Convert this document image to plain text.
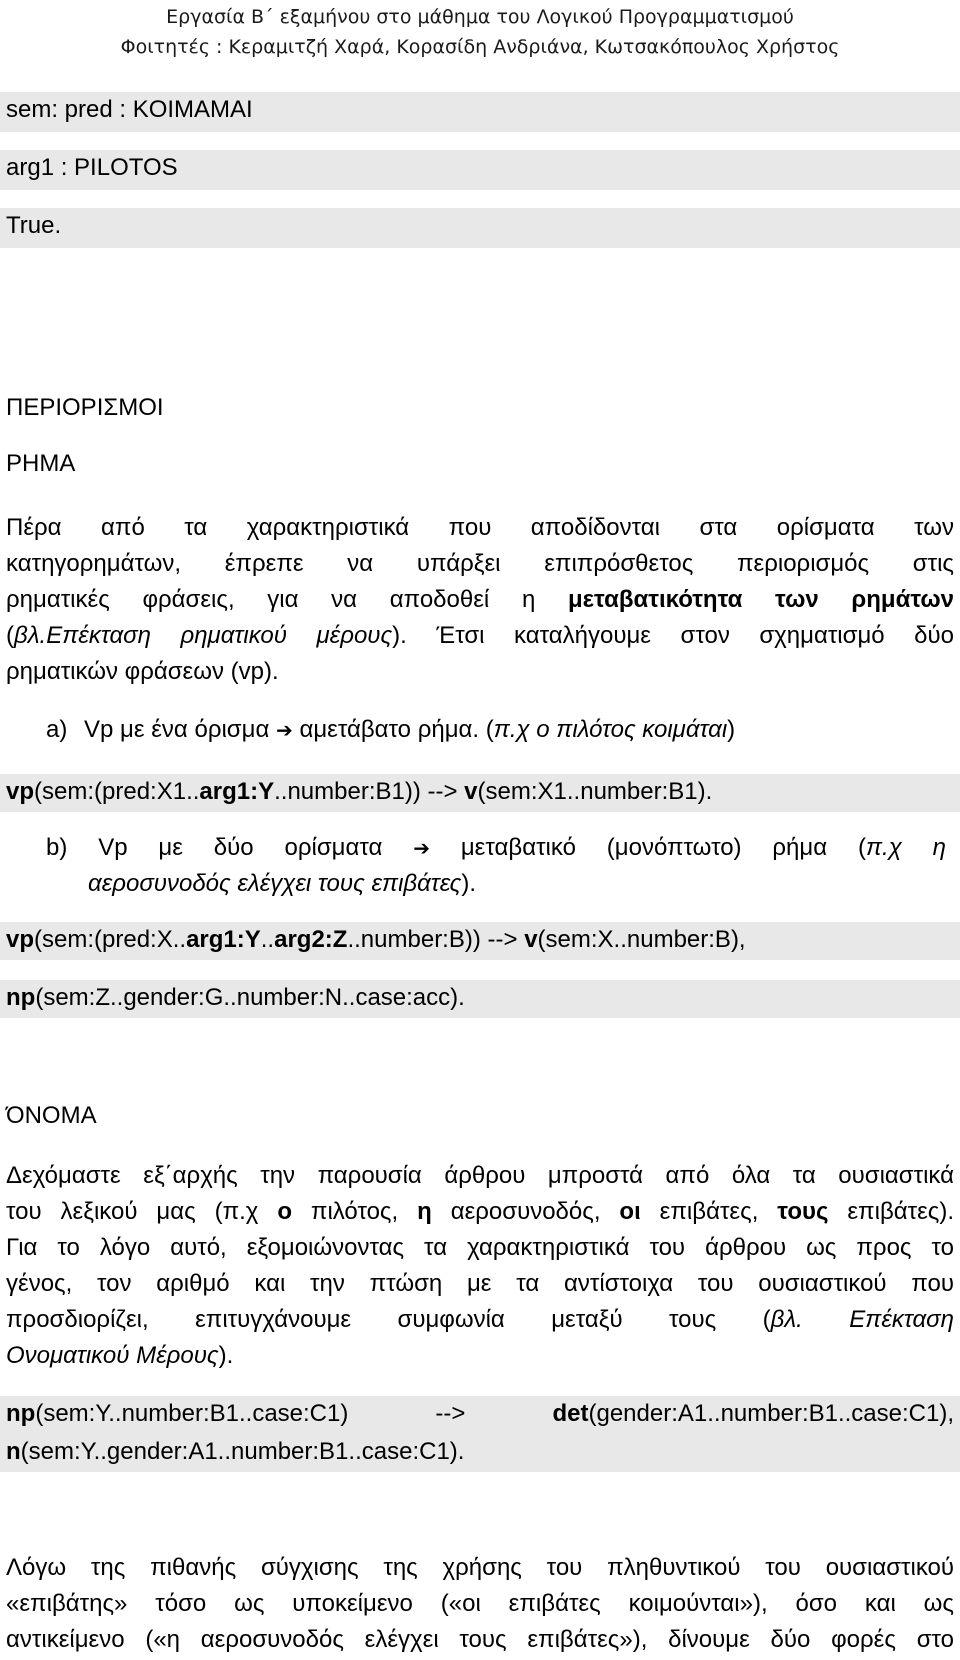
Εργασία Β΄ εξαμήνου στο μάθημα του Λογικού Προγραμματισμού
Φοιτητές : Κεραμιτζή Χαρά, Κορασίδη Ανδριάνα, Κωτσακόπουλος Χρήστος
sem: pred : KOIMAMAI
arg1 : PILOTOS
True.
ΠΕΡΙΟΡΙΣΜΟΙ
ΡΗΜΑ
Πέρα από τα χαρακτηριστικά που αποδίδονται στα ορίσματα των
κατηγορημάτων, έπρεπε να υπάρξει επιπρόσθετος περιορισμός στις
ρηματικές φράσεις, για να αποδοθεί η μεταβατικότητα των ρημάτων
(βλ.Επέκταση ρηματικού μέρους). Έτσι καταλήγουμε στον σχηματισμό δύο
ρηματικών φράσεων (vp).
a) Vp με ένα όρισμα ➔ αμετάβατο ρήμα. (π.χ ο πιλότος κοιμάται)
vp(sem:(pred:X1..arg1:Y..number:B1)) --> v(sem:X1..number:B1).
b) Vp με δύο ορίσματα ➔ μεταβατικό (μονόπτωτο) ρήμα (π.χ η
αεροσυνοδός ελέγχει τους επιβάτες).
vp(sem:(pred:X..arg1:Y..arg2:Z..number:B)) --> v(sem:X..number:B),
np(sem:Z..gender:G..number:N..case:acc).
ΌΝΟΜΑ
Δεχόμαστε εξ΄αρχής την παρουσία άρθρου μπροστά από όλα τα ουσιαστικά
του λεξικού μας (π.χ ο πιλότος, η αεροσυνοδός, οι επιβάτες, τους επιβάτες).
Για το λόγο αυτό, εξομοιώνοντας τα χαρακτηριστικά του άρθρου ως προς το
γένος, τον αριθμό και την πτώση με τα αντίστοιχα του ουσιαστικού που
προσδιορίζει, επιτυγχάνουμε συμφωνία μεταξύ τους (βλ. Επέκταση
Ονοματικού Μέρους).
np(sem:Y..number:B1..case:C1)	-->	det(gender:A1..number:B1..case:C1),
n(sem:Y..gender:A1..number:B1..case:C1).
Λόγω της πιθανής σύγχισης της χρήσης του πληθυντικού του ουσιαστικού
«επιβάτης» τόσο ως υποκείμενο («οι επιβάτες κοιμούνται»), όσο και ως
αντικείμενο («η αεροσυνοδός ελέγχει τους επιβάτες»), δίνουμε δύο φορές στο
